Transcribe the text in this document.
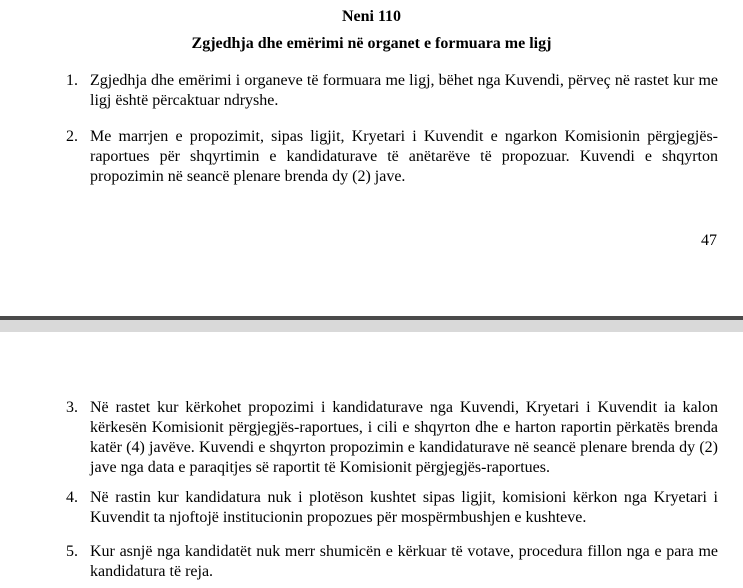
Neni 110
Zgjedhja dhe emërimi në organet e formuara me ligj
1. Zgjedhja dhe emërimi i organeve të formuara me ligj, bëhet nga Kuvendi, përveç në rastet kur me ligj është përcaktuar ndryshe.
2. Me marrjen e propozimit, sipas ligjit, Kryetari i Kuvendit e ngarkon Komisionin përgjegjës-raportues për shqyrtimin e kandidaturave të anëtarëve të propozuar. Kuvendi e shqyrton propozimin në seancë plenare brenda dy (2) jave.
47
3. Në rastet kur kërkohet propozimi i kandidaturave nga Kuvendi, Kryetari i Kuvendit ia kalon kërkesën Komisionit përgjegjës-raportues, i cili e shqyrton dhe e harton raportin përkatës brenda katër (4) javëve. Kuvendi e shqyrton propozimin e kandidaturave në seancë plenare brenda dy (2) jave nga data e paraqitjes së raportit të Komisionit përgjegjës-raportues.
4. Në rastin kur kandidatura nuk i plotëson kushtet sipas ligjit, komisioni kërkon nga Kryetari i Kuvendit ta njoftojë institucionin propozues për mospërmbushjen e kushteve.
5. Kur asnjë nga kandidatët nuk merr shumicën e kërkuar të votave, procedura fillon nga e para me kandidatura të reja.
